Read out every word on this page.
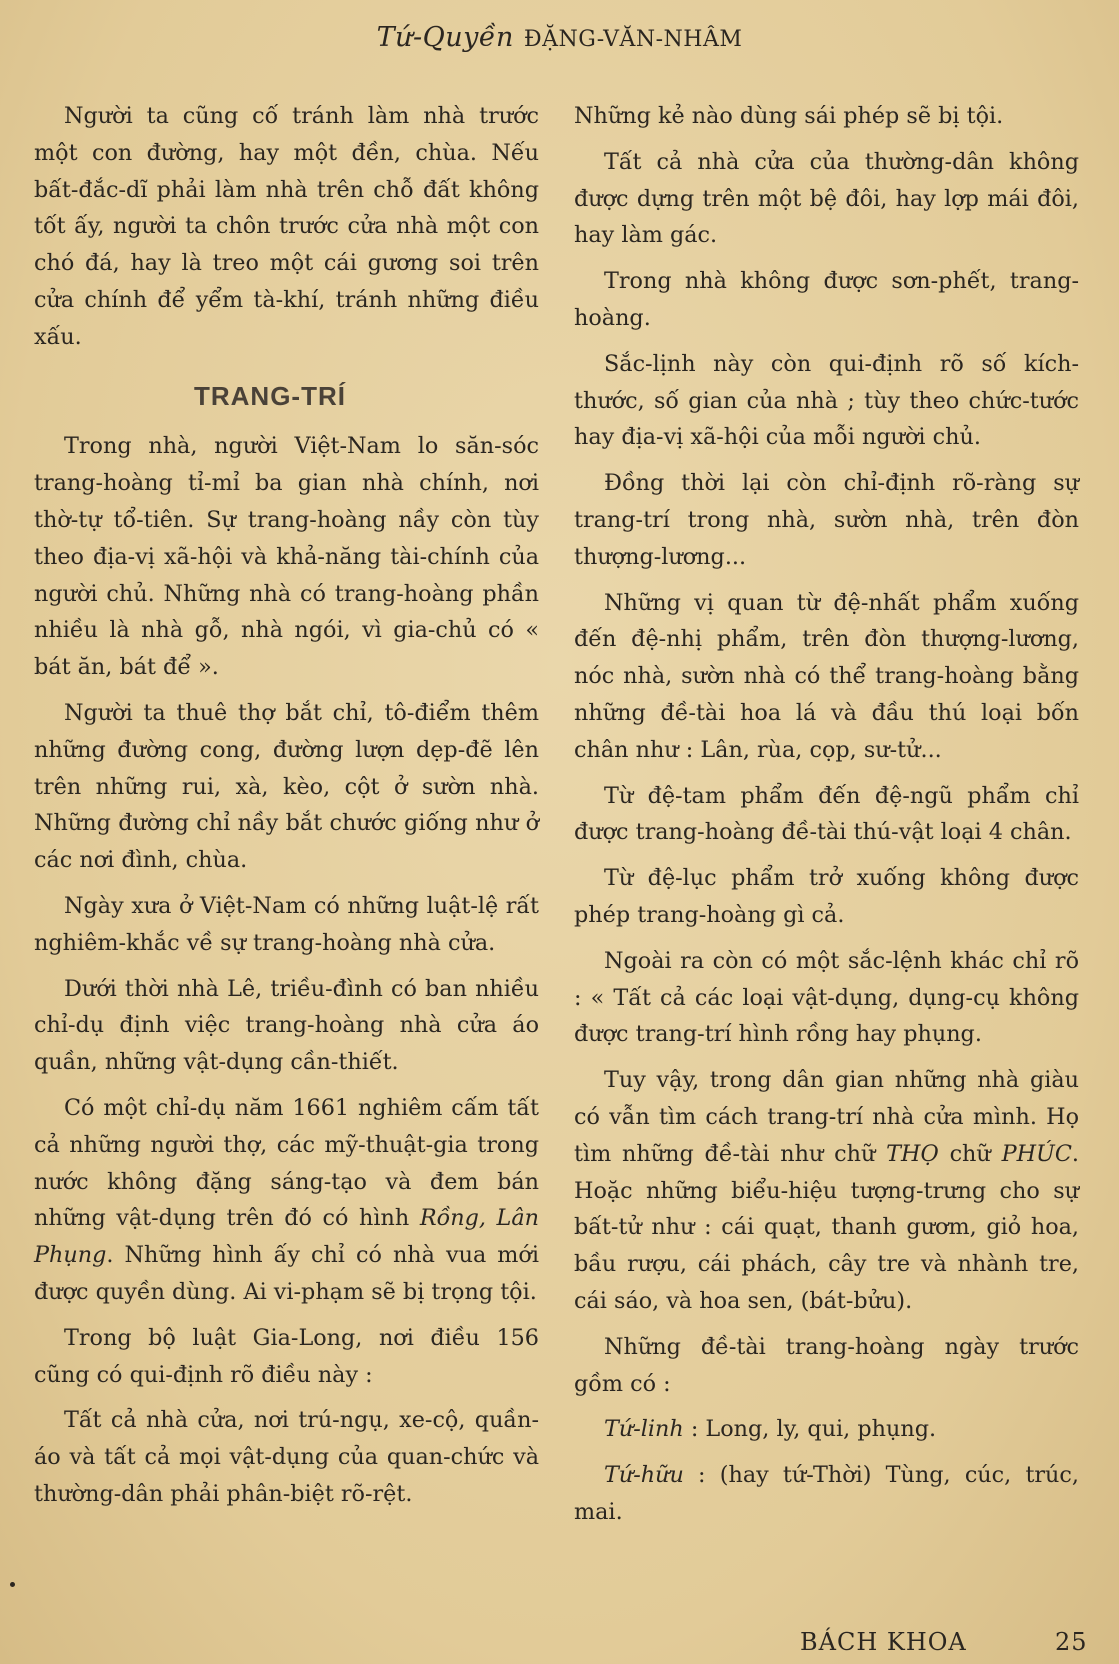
Tứ-Quyền ĐẶNG-VĂN-NHÂM

Người ta cũng cố tránh làm nhà trước một con đường, hay một đền, chùa. Nếu bất-đắc-dĩ phải làm nhà trên chỗ đất không tốt ấy, người ta chôn trước cửa nhà một con chó đá, hay là treo một cái gương soi trên cửa chính để yểm tà-khí, tránh những điều xấu.

TRANG-TRÍ

Trong nhà, người Việt-Nam lo săn-sóc trang-hoàng tỉ-mỉ ba gian nhà chính, nơi thờ-tự tổ-tiên. Sự trang-hoàng nầy còn tùy theo địa-vị xã-hội và khả-năng tài-chính của người chủ. Những nhà có trang-hoàng phần nhiều là nhà gỗ, nhà ngói, vì gia-chủ có « bát ăn, bát để ».

Người ta thuê thợ bắt chỉ, tô-điểm thêm những đường cong, đường lượn dẹp-đẽ lên trên những rui, xà, kèo, cột ở sườn nhà. Những đường chỉ nầy bắt chước giống như ở các nơi đình, chùa.

Ngày xưa ở Việt-Nam có những luật-lệ rất nghiêm-khắc về sự trang-hoàng nhà cửa.

Dưới thời nhà Lê, triều-đình có ban nhiều chỉ-dụ định việc trang-hoàng nhà cửa áo quần, những vật-dụng cần-thiết.

Có một chỉ-dụ năm 1661 nghiêm cấm tất cả những người thợ, các mỹ-thuật-gia trong nước không đặng sáng-tạo và đem bán những vật-dụng trên đó có hình Rồng, Lân Phụng. Những hình ấy chỉ có nhà vua mới được quyền dùng. Ai vi-phạm sẽ bị trọng tội.

Trong bộ luật Gia-Long, nơi điều 156 cũng có qui-định rõ điều này :

Tất cả nhà cửa, nơi trú-ngụ, xe-cộ, quần-áo và tất cả mọi vật-dụng của quan-chức và thường-dân phải phân-biệt rõ-rệt.

Những kẻ nào dùng sái phép sẽ bị tội.

Tất cả nhà cửa của thường-dân không được dựng trên một bệ đôi, hay lợp mái đôi, hay làm gác.

Trong nhà không được sơn-phết, trang-hoàng.

Sắc-lịnh này còn qui-định rõ số kích-thước, số gian của nhà ; tùy theo chức-tước hay địa-vị xã-hội của mỗi người chủ.

Đồng thời lại còn chỉ-định rõ-ràng sự trang-trí trong nhà, sườn nhà, trên đòn thượng-lương...

Những vị quan từ đệ-nhất phẩm xuống đến đệ-nhị phẩm, trên đòn thượng-lương, nóc nhà, sườn nhà có thể trang-hoàng bằng những đề-tài hoa lá và đầu thú loại bốn chân như : Lân, rùa, cọp, sư-tử...

Từ đệ-tam phẩm đến đệ-ngũ phẩm chỉ được trang-hoàng đề-tài thú-vật loại 4 chân.

Từ đệ-lục phẩm trở xuống không được phép trang-hoàng gì cả.

Ngoài ra còn có một sắc-lệnh khác chỉ rõ : « Tất cả các loại vật-dụng, dụng-cụ không được trang-trí hình rồng hay phụng.

Tuy vậy, trong dân gian những nhà giàu có vẫn tìm cách trang-trí nhà cửa mình. Họ tìm những đề-tài như chữ THỌ chữ PHÚC. Hoặc những biểu-hiệu tượng-trưng cho sự bất-tử như : cái quạt, thanh gươm, giỏ hoa, bầu rượu, cái phách, cây tre và nhành tre, cái sáo, và hoa sen, (bát-bửu).

Những đề-tài trang-hoàng ngày trước gồm có :

Tứ-linh : Long, ly, qui, phụng.

Tứ-hữu : (hay tứ-Thời) Tùng, cúc, trúc, mai.

BÁCH KHOA	25
